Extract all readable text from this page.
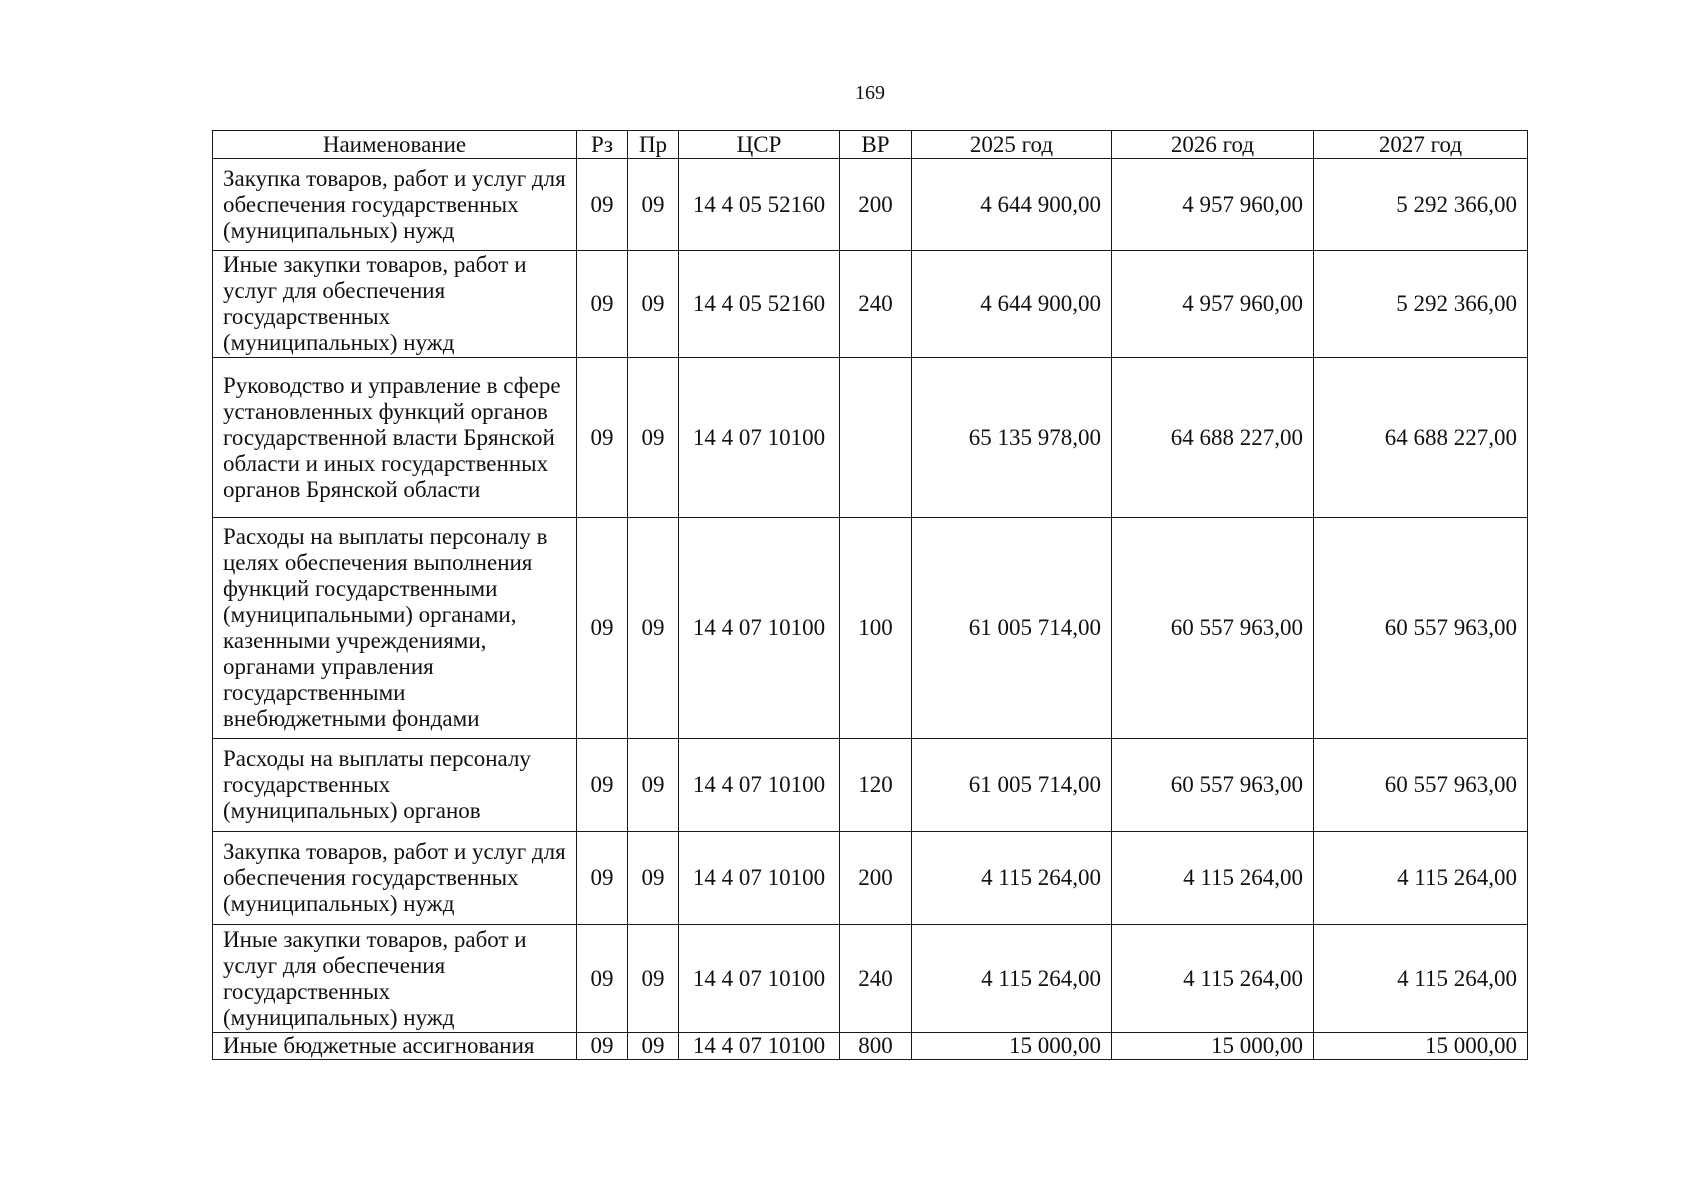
169
Наименование	Рз	Пр	ЦСР	ВР	2025 год	2026 год	2027 год
Закупка товаров, работ и услуг для обеспечения государственных (муниципальных) нужд	09	09	14 4 05 52160	200	4 644 900,00	4 957 960,00	5 292 366,00
Иные закупки товаров, работ и услуг для обеспечения государственных (муниципальных) нужд	09	09	14 4 05 52160	240	4 644 900,00	4 957 960,00	5 292 366,00
Руководство и управление в сфере установленных функций органов государственной власти Брянской области и иных государственных органов Брянской области	09	09	14 4 07 10100		65 135 978,00	64 688 227,00	64 688 227,00
Расходы на выплаты персоналу в целях обеспечения выполнения функций государственными (муниципальными) органами, казенными учреждениями, органами управления государственными внебюджетными фондами	09	09	14 4 07 10100	100	61 005 714,00	60 557 963,00	60 557 963,00
Расходы на выплаты персоналу государственных (муниципальных) органов	09	09	14 4 07 10100	120	61 005 714,00	60 557 963,00	60 557 963,00
Закупка товаров, работ и услуг для обеспечения государственных (муниципальных) нужд	09	09	14 4 07 10100	200	4 115 264,00	4 115 264,00	4 115 264,00
Иные закупки товаров, работ и услуг для обеспечения государственных (муниципальных) нужд	09	09	14 4 07 10100	240	4 115 264,00	4 115 264,00	4 115 264,00
Иные бюджетные ассигнования	09	09	14 4 07 10100	800	15 000,00	15 000,00	15 000,00
